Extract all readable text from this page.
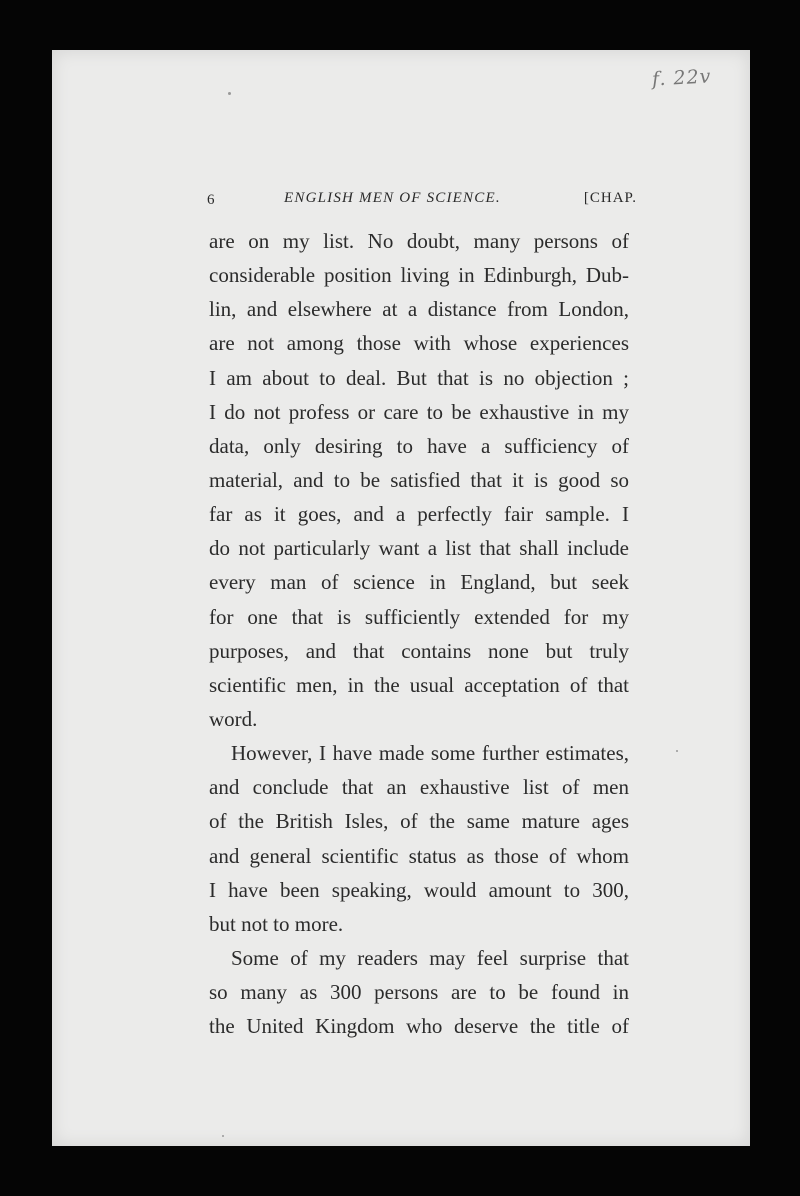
f. 22v
6	ENGLISH MEN OF SCIENCE.	[CHAP.
are on my list. No doubt, many persons of
considerable position living in Edinburgh, Dub-
lin, and elsewhere at a distance from London,
are not among those with whose experiences
I am about to deal. But that is no objection ;
I do not profess or care to be exhaustive in my
data, only desiring to have a sufficiency of
material, and to be satisfied that it is good so
far as it goes, and a perfectly fair sample. I
do not particularly want a list that shall include
every man of science in England, but seek
for one that is sufficiently extended for my
purposes, and that contains none but truly
scientific men, in the usual acceptation of that
word.
However, I have made some further estimates,
and conclude that an exhaustive list of men
of the British Isles, of the same mature ages
and general scientific status as those of whom
I have been speaking, would amount to 300,
but not to more.
Some of my readers may feel surprise that
so many as 300 persons are to be found in
the United Kingdom who deserve the title of
